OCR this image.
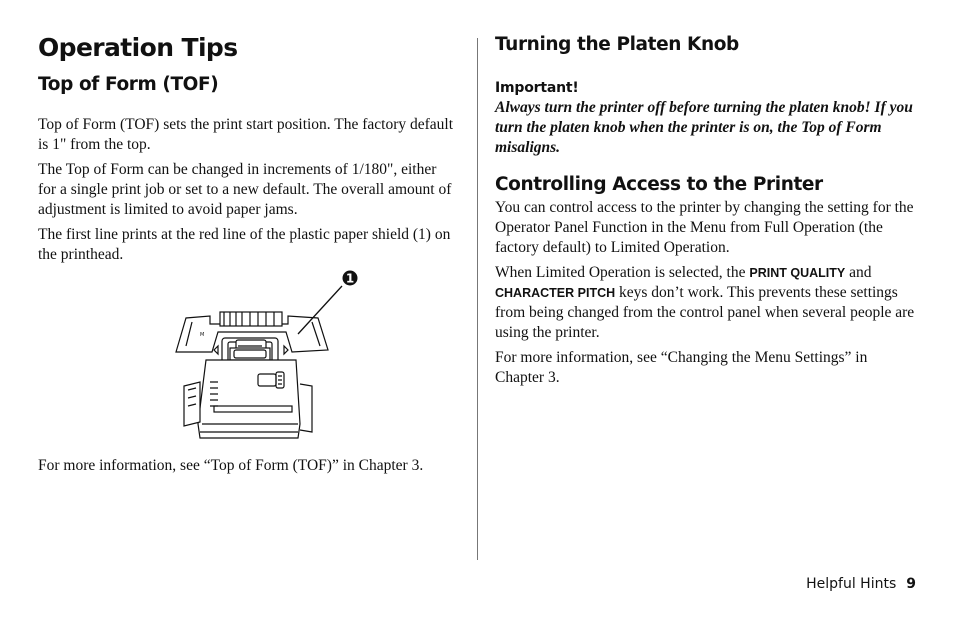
Operation Tips
Top of Form (TOF)

Top of Form (TOF) sets the print start position. The factory default is 1" from the top.

The Top of Form can be changed in increments of 1/180", either for a single print job or set to a new default. The overall amount of adjustment is limited to avoid paper jams.

The first line prints at the red line of the plastic paper shield (1) on the printhead.

1
M

For more information, see “Top of Form (TOF)” in Chapter 3.

Turning the Platen Knob
Important!

Always turn the printer off before turning the platen knob! If you turn the platen knob when the printer is on, the Top of Form misaligns.

Controlling Access to the Printer

You can control access to the printer by changing the setting for the Operator Panel Function in the Menu from Full Operation (the factory default) to Limited Operation.

When Limited Operation is selected, the PRINT QUALITY and CHARACTER PITCH keys don’t work. This prevents these settings from being changed from the control panel when several people are using the printer.

For more information, see “Changing the Menu Settings” in Chapter 3.

Helpful Hints 9
